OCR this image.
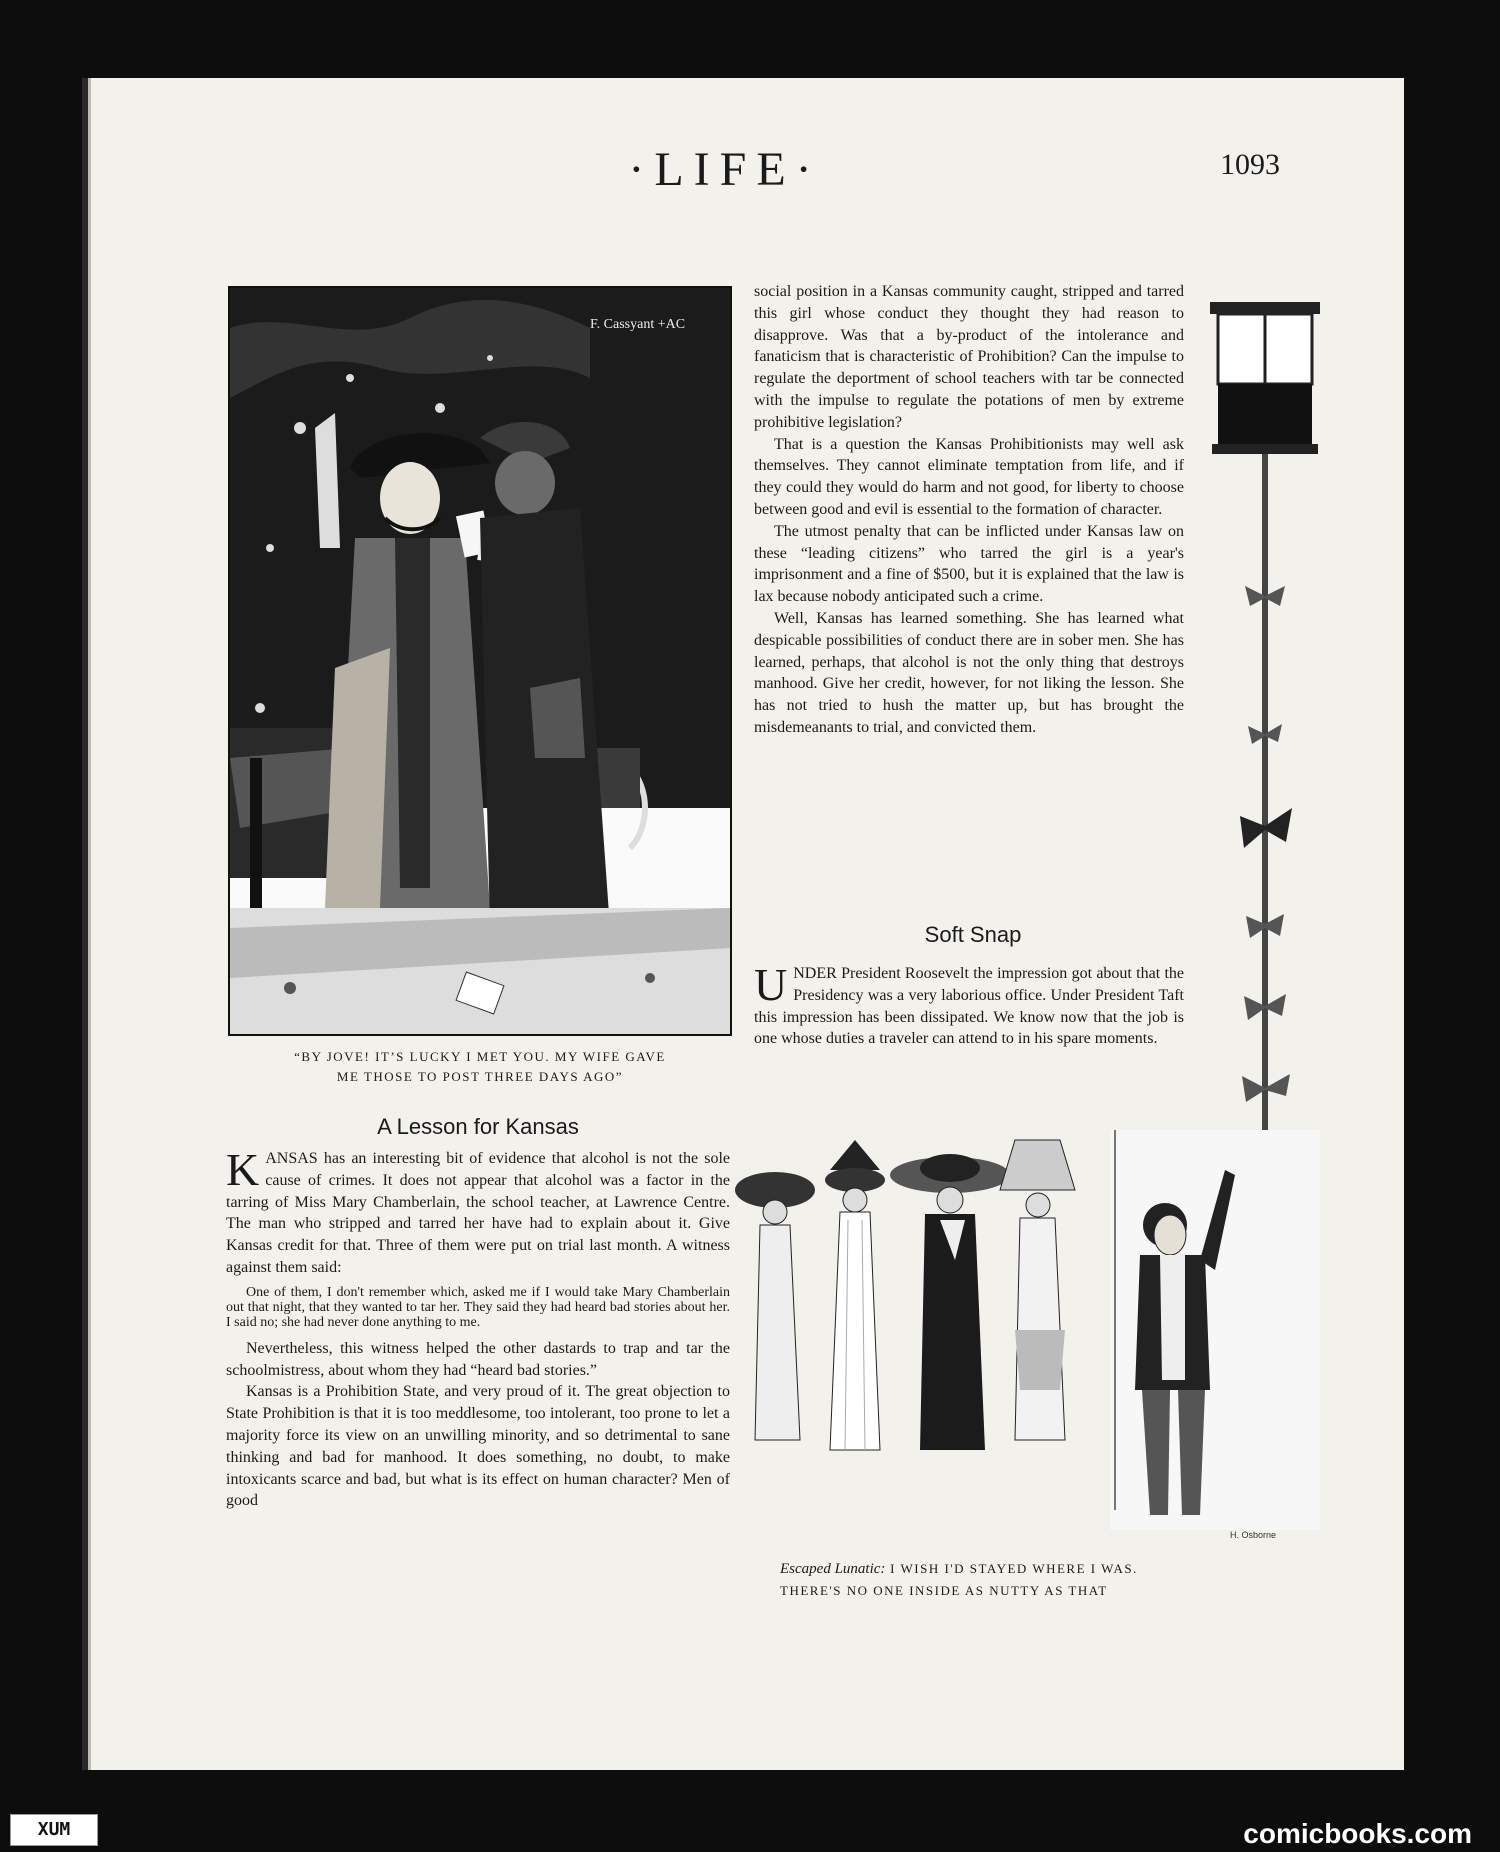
·LIFE·	1093
F. Cassyant +AC
“BY JOVE! IT’S LUCKY I MET YOU. MY WIFE GAVE
ME THOSE TO POST THREE DAYS AGO”
A Lesson for Kansas

KANSAS has an interesting bit of evidence that alcohol is not the sole cause of crimes. It does not appear that alcohol was a factor in the tarring of Miss Mary Chamberlain, the school teacher, at Lawrence Centre. The man who stripped and tarred her have had to explain about it. Give Kansas credit for that. Three of them were put on trial last month. A witness against them said:

One of them, I don't remember which, asked me if I would take Mary Chamberlain out that night, that they wanted to tar her. They said they had heard bad stories about her. I said no; she had never done anything to me.

Nevertheless, this witness helped the other dastards to trap and tar the schoolmistress, about whom they had “heard bad stories.”

Kansas is a Prohibition State, and very proud of it. The great objection to State Prohibition is that it is too meddlesome, too intolerant, too prone to let a majority force its view on an unwilling minority, and so detrimental to sane thinking and bad for manhood. It does something, no doubt, to make intoxicants scarce and bad, but what is its effect on human character? Men of good

social position in a Kansas community caught, stripped and tarred this girl whose conduct they thought they had reason to disapprove. Was that a by-product of the intolerance and fanaticism that is characteristic of Prohibition? Can the impulse to regulate the deportment of school teachers with tar be connected with the impulse to regulate the potations of men by extreme prohibitive legislation?

That is a question the Kansas Prohibitionists may well ask themselves. They cannot eliminate temptation from life, and if they could they would do harm and not good, for liberty to choose between good and evil is essential to the formation of character.

The utmost penalty that can be inflicted under Kansas law on these “leading citizens” who tarred the girl is a year's imprisonment and a fine of $500, but it is explained that the law is lax because nobody anticipated such a crime.

Well, Kansas has learned something. She has learned what despicable possibilities of conduct there are in sober men. She has learned, perhaps, that alcohol is not the only thing that destroys manhood. Give her credit, however, for not liking the lesson. She has not tried to hush the matter up, but has brought the misdemeanants to trial, and convicted them.

Soft Snap

UNDER President Roosevelt the impression got about that the Presidency was a very laborious office. Under President Taft this impression has been dissipated. We know now that the job is one whose duties a traveler can attend to in his spare moments.

H. Osborne
Escaped Lunatic: I WISH I'D STAYED WHERE I WAS.
THERE'S NO ONE INSIDE AS NUTTY AS THAT
XUM	comicbooks.com
